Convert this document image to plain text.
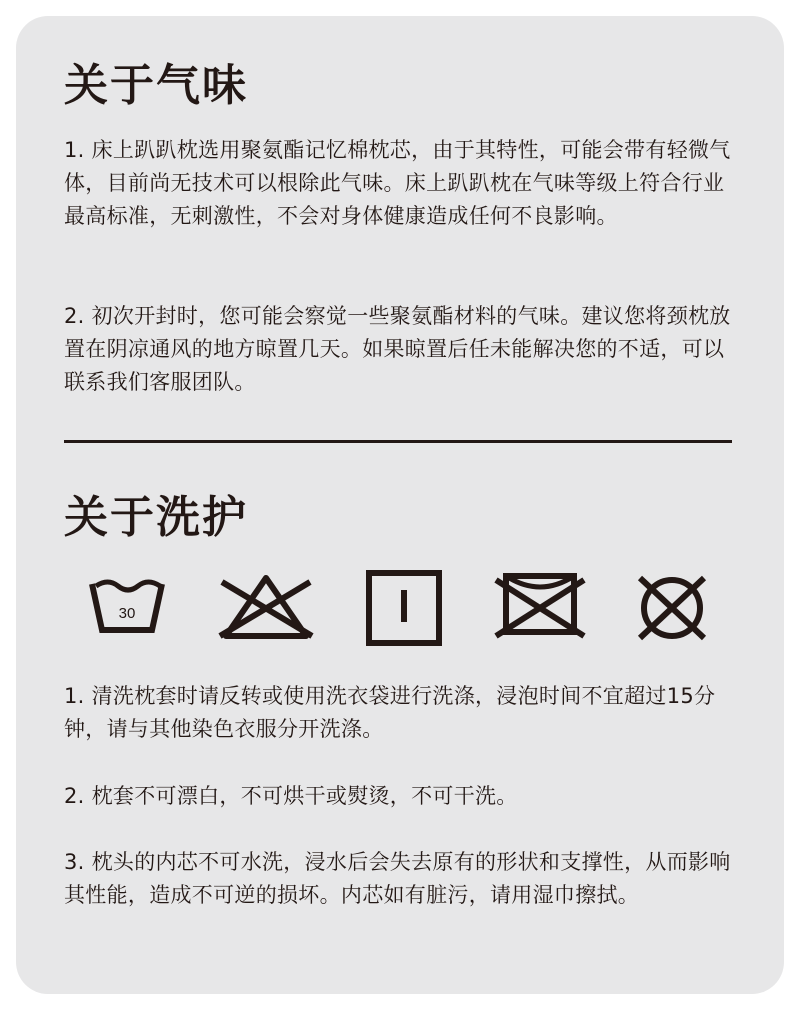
关于气味

1. 床上趴趴枕选用聚氨酯记忆棉枕芯，由于其特性，可能会带有轻微气体，目前尚无技术可以根除此气味。床上趴趴枕在气味等级上符合行业最高标准，无刺激性，不会对身体健康造成任何不良影响。

2. 初次开封时，您可能会察觉一些聚氨酯材料的气味。建议您将颈枕放置在阴凉通风的地方晾置几天。如果晾置后任未能解决您的不适，可以联系我们客服团队。

关于洗护
30

1. 清洗枕套时请反转或使用洗衣袋进行洗涤，浸泡时间不宜超过15分钟，请与其他染色衣服分开洗涤。

2. 枕套不可漂白，不可烘干或熨烫，不可干洗。

3. 枕头的内芯不可水洗，浸水后会失去原有的形状和支撑性，从而影响其性能，造成不可逆的损坏。内芯如有脏污，请用湿巾擦拭。
